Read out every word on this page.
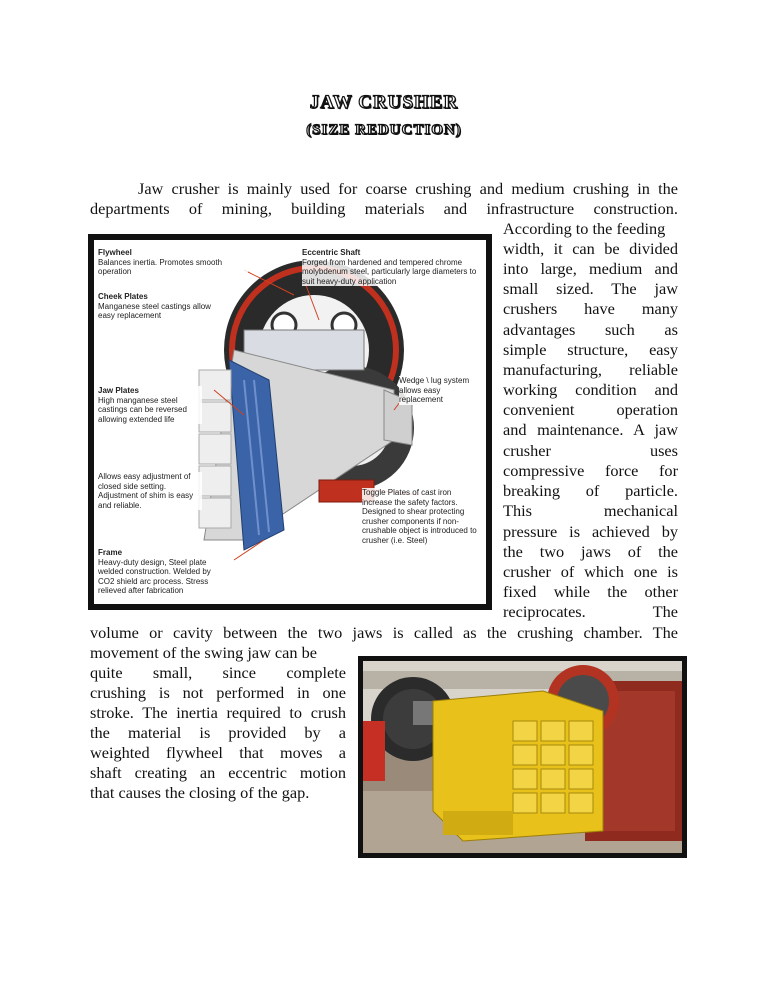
JAW CRUSHER
(SIZE REDUCTION)
Jaw crusher is mainly used for coarse crushing and medium crushing in the
departments of mining, building materials and infrastructure construction.
According to the feeding
width, it can be divided
into large, medium and
small sized. The jaw
crushers have many
advantages such as
simple structure, easy
manufacturing, reliable
working condition and
convenient operation
and maintenance. A jaw
crusher uses
compressive force for
breaking of particle.
This mechanical
pressure is achieved by
the two jaws of the
crusher of which one is
fixed while the other
reciprocates. The
volume or cavity between the two jaws is called as the crushing chamber. The
movement of the swing jaw can be
quite small, since complete
crushing is not performed in one
stroke. The inertia required to crush
the material is provided by a
weighted flywheel that moves a
shaft creating an eccentric motion
that causes the closing of the gap.
Flywheel
Balances inertia. Promotes smooth operation
Cheek Plates
Manganese steel castings allow easy replacement
Jaw Plates
High manganese steel castings can be reversed allowing extended life
Allows easy adjustment of closed side setting. Adjustment of shim is easy and reliable.
Frame
Heavy-duty design, Steel plate welded construction. Welded by CO2 shield arc process. Stress relieved after fabrication
Eccentric Shaft
Forged from hardened and tempered chrome molybdenum steel, particularly large diameters to suit heavy-duty application
Wedge \ lug system allows easy replacement
Toggle Plates of cast iron increase the safety factors. Designed to shear protecting crusher components if non-crushable object is introduced to crusher (i.e. Steel)
